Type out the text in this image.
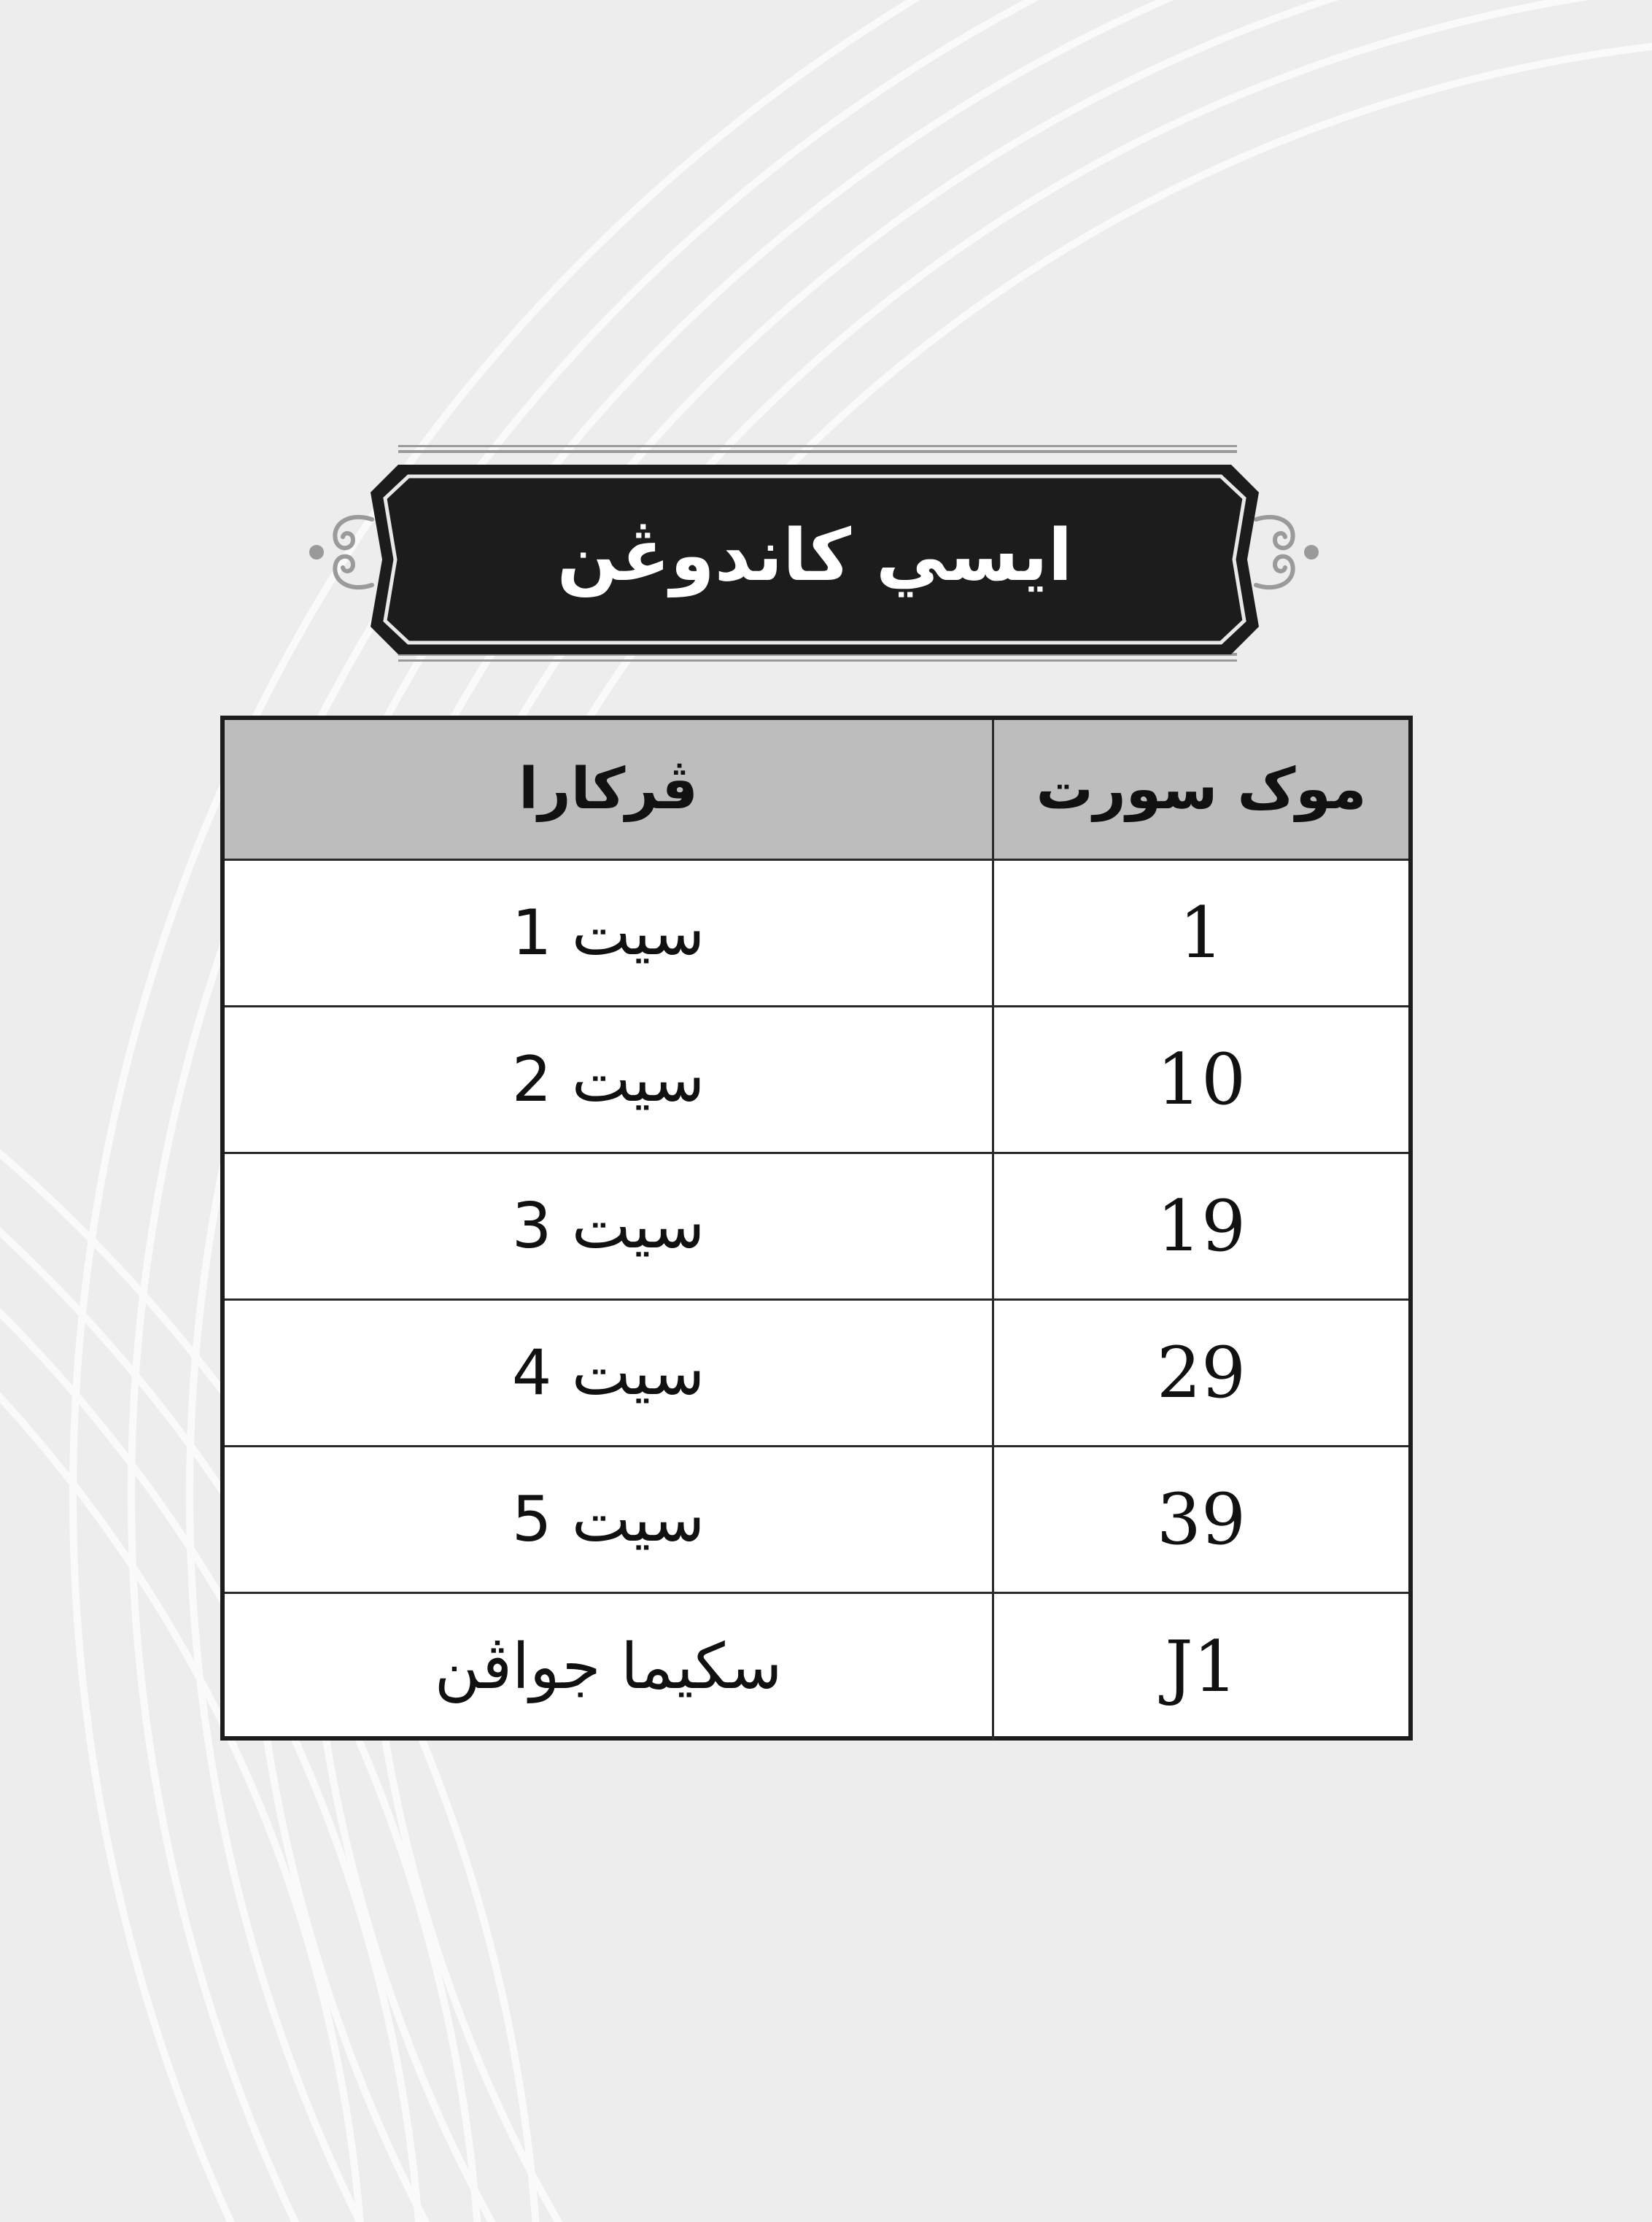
ايسي کاندوڠن
ڤرکارا	موک سورت
سيت 1	1
سيت 2	10
سيت 3	19
سيت 4	29
سيت 5	39
سکيما جواڤن	J1
